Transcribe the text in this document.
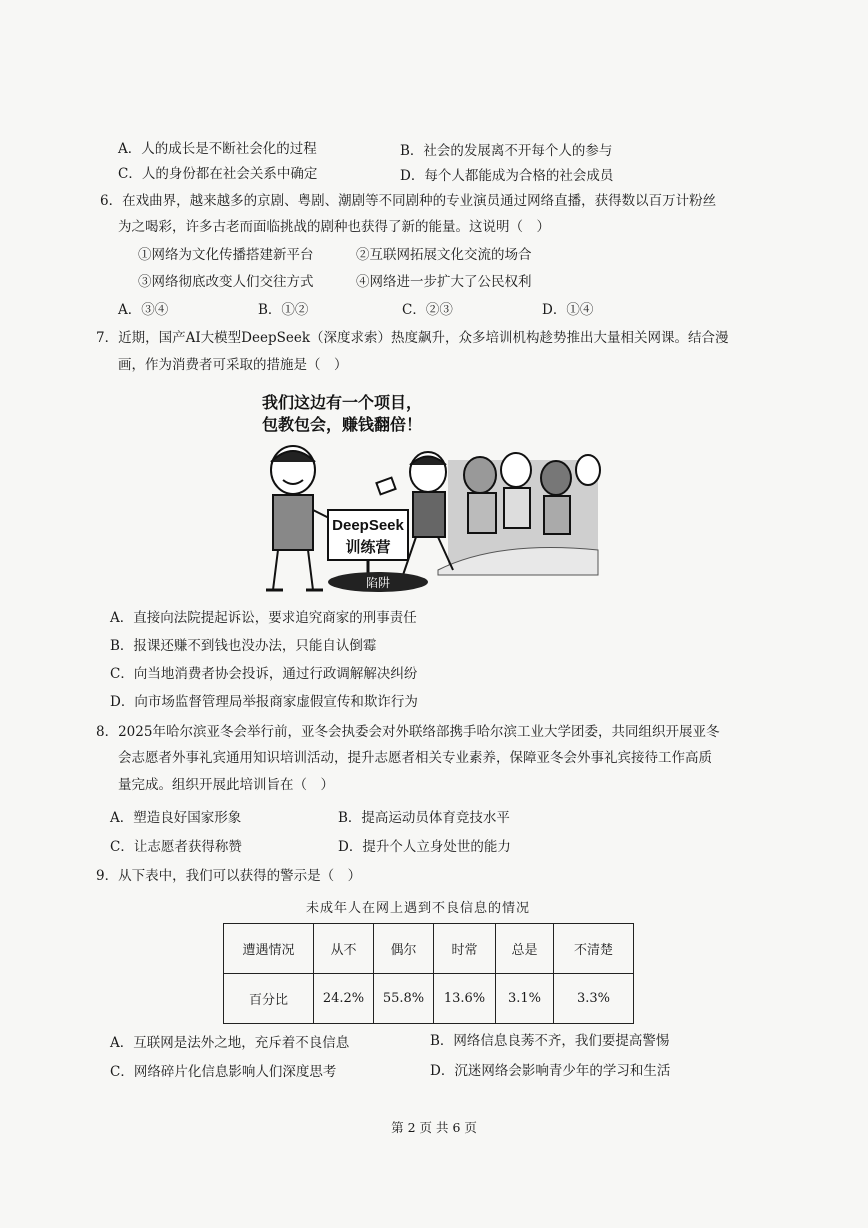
A．人的成长是不断社会化的过程	B．社会的发展离不开每个人的参与
C．人的身份都在社会关系中确定	D．每个人都能成为合格的社会成员
6．在戏曲界，越来越多的京剧、粤剧、潮剧等不同剧种的专业演员通过网络直播，获得数以百万计粉丝
为之喝彩，许多古老而面临挑战的剧种也获得了新的能量。这说明（　）
①网络为文化传播搭建新平台	②互联网拓展文化交流的场合
③网络彻底改变人们交往方式	④网络进一步扩大了公民权利
A．③④	B．①②	C．②③	D．①④
7．近期，国产AI大模型DeepSeek（深度求索）热度飙升，众多培训机构趁势推出大量相关网课。结合漫
画，作为消费者可采取的措施是（　）
我们这边有一个项目，
包教包会，赚钱翻倍！
DeepSeek
训练营
陷阱
A．直接向法院提起诉讼，要求追究商家的刑事责任
B．报课还赚不到钱也没办法，只能自认倒霉
C．向当地消费者协会投诉，通过行政调解解决纠纷
D．向市场监督管理局举报商家虚假宣传和欺诈行为
8．2025年哈尔滨亚冬会举行前，亚冬会执委会对外联络部携手哈尔滨工业大学团委，共同组织开展亚冬
会志愿者外事礼宾通用知识培训活动，提升志愿者相关专业素养，保障亚冬会外事礼宾接待工作高质
量完成。组织开展此培训旨在（　）
A．塑造良好国家形象	B．提高运动员体育竞技水平
C．让志愿者获得称赞	D．提升个人立身处世的能力
9．从下表中，我们可以获得的警示是（　）
未成年人在网上遇到不良信息的情况
遭遇情况	从不	偶尔	时常	总是	不清楚
百分比	24.2%	55.8%	13.6%	3.1%	3.3%
A．互联网是法外之地，充斥着不良信息	B．网络信息良莠不齐，我们要提高警惕
C．网络碎片化信息影响人们深度思考	D．沉迷网络会影响青少年的学习和生活
第 2 页 共 6 页
